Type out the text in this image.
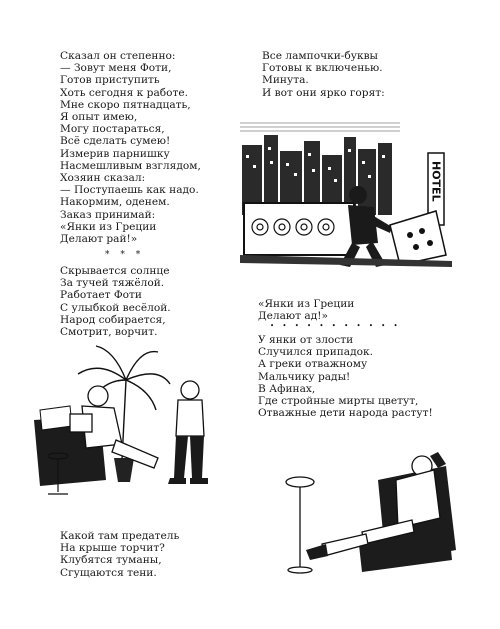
Сказал он степенно:
— Зовут меня Фоти,
Готов приступить
Хоть сегодня к работе.
Мне скоро пятнадцать,
Я опыт имею,
Могу постараться,
Всё сделать сумею!
Измерив парнишку
Насмешливым взглядом,
Хозяин сказал:
— Поступаешь как надо.
Накормим, оденем.
Заказ принимай:
«Янки из Греции
Делают рай!»
* * *
Скрывается солнце
За тучей тяжёлой.
Работает Фоти
С улыбкой весёлой.
Народ собирается,
Смотрит, ворчит.
Какой там предатель
На крыше торчит?
Клубятся туманы,
Сгущаются тени.
Все лампочки-буквы
Готовы к включенью.
Минута.
И вот они ярко горят:
«Янки из Греции
Делают ад!»
• • • • • • • • • • •
У янки от злости
Случился припадок.
А греки отважному
Мальчику рады!
В Афинах,
Где стройные мирты цветут,
Отважные дети народа растут!
HOTEL
